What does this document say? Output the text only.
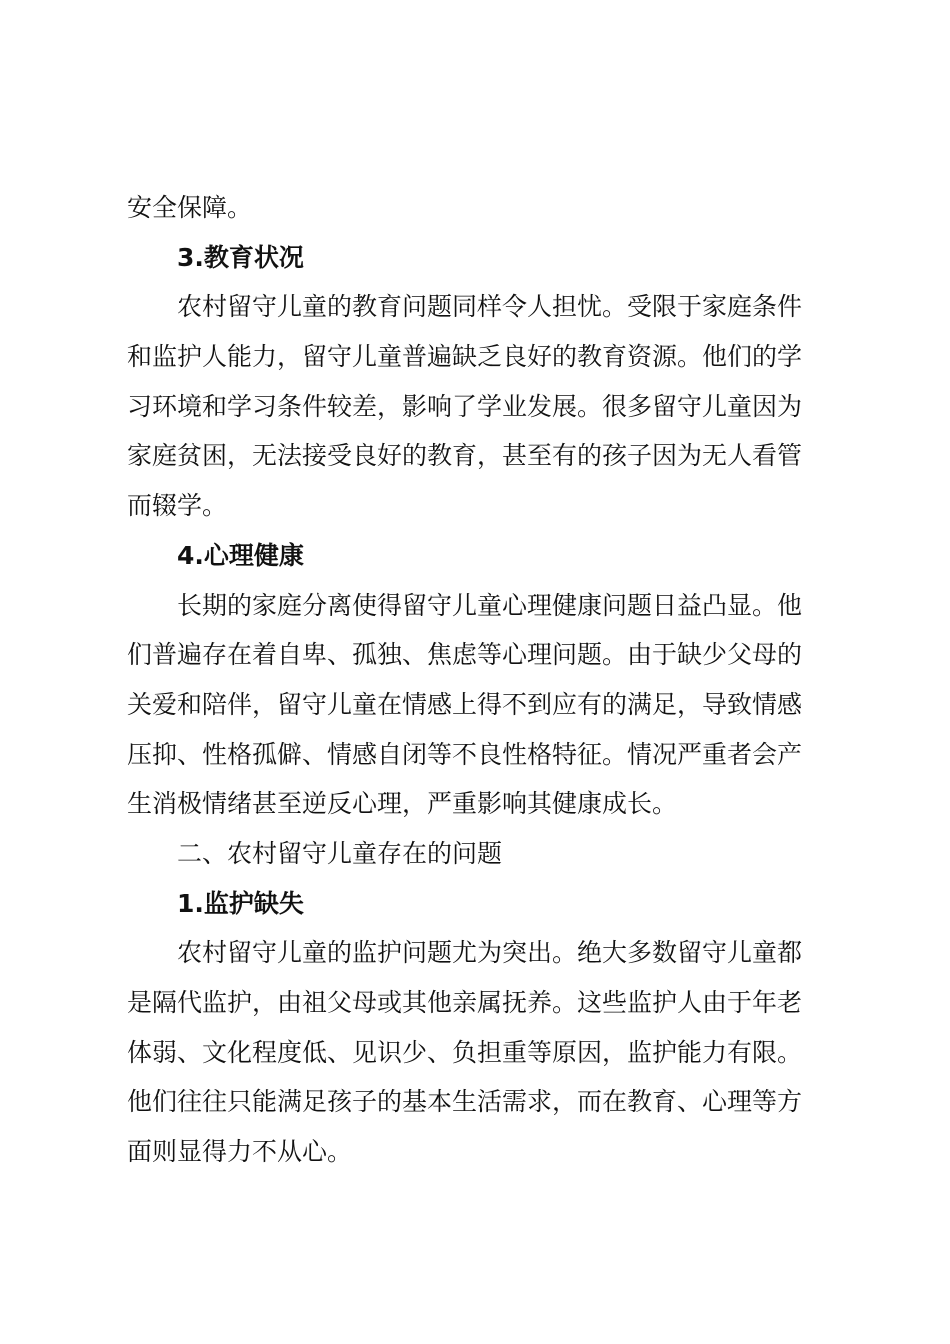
安全保障。
3.教育状况
农村留守儿童的教育问题同样令人担忧。受限于家庭条件
和监护人能力，留守儿童普遍缺乏良好的教育资源。他们的学
习环境和学习条件较差，影响了学业发展。很多留守儿童因为
家庭贫困，无法接受良好的教育，甚至有的孩子因为无人看管
而辍学。
4.心理健康
长期的家庭分离使得留守儿童心理健康问题日益凸显。他
们普遍存在着自卑、孤独、焦虑等心理问题。由于缺少父母的
关爱和陪伴，留守儿童在情感上得不到应有的满足，导致情感
压抑、性格孤僻、情感自闭等不良性格特征。情况严重者会产
生消极情绪甚至逆反心理，严重影响其健康成长。
二、农村留守儿童存在的问题
1.监护缺失
农村留守儿童的监护问题尤为突出。绝大多数留守儿童都
是隔代监护，由祖父母或其他亲属抚养。这些监护人由于年老
体弱、文化程度低、见识少、负担重等原因，监护能力有限。
他们往往只能满足孩子的基本生活需求，而在教育、心理等方
面则显得力不从心。
